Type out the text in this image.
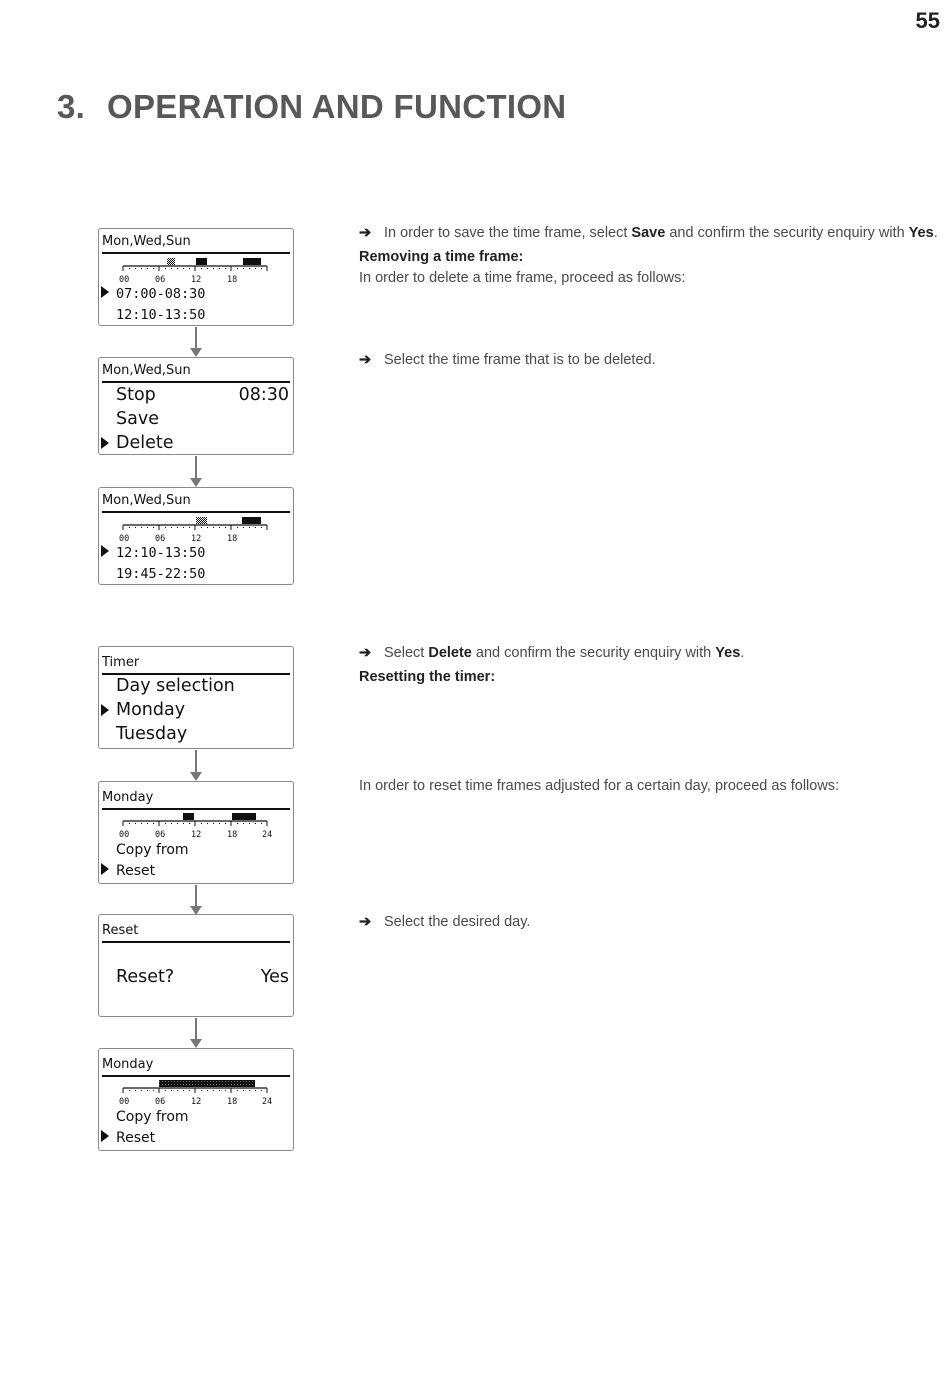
55
3. OPERATION AND FUNCTION
Mon,Wed,Sun
00	06	12	18
07:00-08:30
12:10-13:50
Mon,Wed,Sun
Stop	08:30
Save
Delete
Mon,Wed,Sun
00	06	12	18
12:10-13:50
19:45-22:50
Timer
Day selection
Monday
Tuesday
Monday
00	06	12	18	24
Copy from
Reset
Reset
Reset?	Yes
Monday
00	06	12	18	24
Copy from
Reset
➔ In order to save the time frame, select Save and confirm the security enquiry with Yes.
Removing a time frame:
In order to delete a time frame, proceed as follows:
➔ Select the time frame that is to be deleted.
➔ Select Delete and confirm the security enquiry with Yes.
Resetting the timer:
In order to reset time frames adjusted for a certain day, proceed as follows:
➔ Select the desired day.
